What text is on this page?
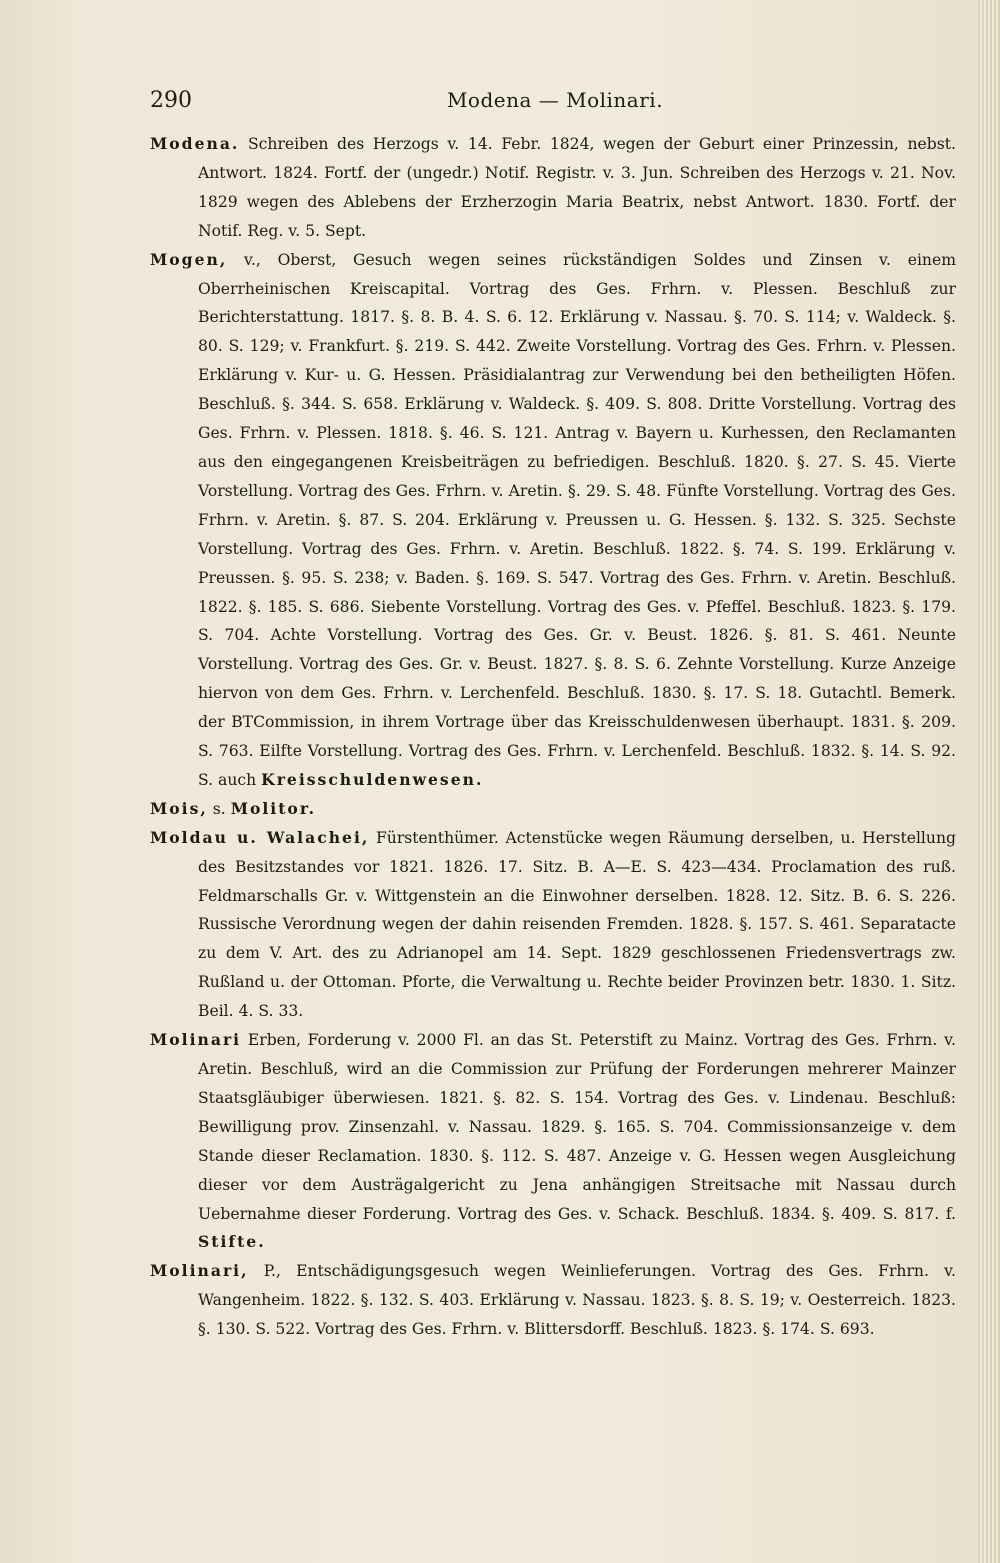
290	Modena — Molinari.

Modena. Schreiben des Herzogs v. 14. Febr. 1824, wegen der Geburt einer Prinzessin, nebst. Antwort. 1824. Fortf. der (ungedr.) Notif. Registr. v. 3. Jun. Schreiben des Herzogs v. 21. Nov. 1829 wegen des Ablebens der Erzherzogin Maria Beatrix, nebst Antwort. 1830. Fortf. der Notif. Reg. v. 5. Sept.

Mogen, v., Oberst, Gesuch wegen seines rückständigen Soldes und Zinsen v. einem Oberrheinischen Kreiscapital. Vortrag des Ges. Frhrn. v. Plessen. Beschluß zur Berichterstattung. 1817. §. 8. B. 4. S. 6. 12. Erklärung v. Nassau. §. 70. S. 114; v. Waldeck. §. 80. S. 129; v. Frankfurt. §. 219. S. 442. Zweite Vorstellung. Vortrag des Ges. Frhrn. v. Plessen. Erklärung v. Kur- u. G. Hessen. Präsidialantrag zur Verwendung bei den betheiligten Höfen. Beschluß. §. 344. S. 658. Erklärung v. Waldeck. §. 409. S. 808. Dritte Vorstellung. Vortrag des Ges. Frhrn. v. Plessen. 1818. §. 46. S. 121. Antrag v. Bayern u. Kurhessen, den Reclamanten aus den eingegangenen Kreisbeiträgen zu befriedigen. Beschluß. 1820. §. 27. S. 45. Vierte Vorstellung. Vortrag des Ges. Frhrn. v. Aretin. §. 29. S. 48. Fünfte Vorstellung. Vortrag des Ges. Frhrn. v. Aretin. §. 87. S. 204. Erklärung v. Preussen u. G. Hessen. §. 132. S. 325. Sechste Vorstellung. Vortrag des Ges. Frhrn. v. Aretin. Beschluß. 1822. §. 74. S. 199. Erklärung v. Preussen. §. 95. S. 238; v. Baden. §. 169. S. 547. Vortrag des Ges. Frhrn. v. Aretin. Beschluß. 1822. §. 185. S. 686. Siebente Vorstellung. Vortrag des Ges. v. Pfeffel. Beschluß. 1823. §. 179. S. 704. Achte Vorstellung. Vortrag des Ges. Gr. v. Beust. 1826. §. 81. S. 461. Neunte Vorstellung. Vortrag des Ges. Gr. v. Beust. 1827. §. 8. S. 6. Zehnte Vorstellung. Kurze Anzeige hiervon von dem Ges. Frhrn. v. Lerchenfeld. Beschluß. 1830. §. 17. S. 18. Gutachtl. Bemerk. der BTCommission, in ihrem Vortrage über das Kreisschuldenwesen überhaupt. 1831. §. 209. S. 763. Eilfte Vorstellung. Vortrag des Ges. Frhrn. v. Lerchenfeld. Beschluß. 1832. §. 14. S. 92. S. auch Kreisschuldenwesen.

Mois, s. Molitor.

Moldau u. Walachei, Fürstenthümer. Actenstücke wegen Räumung derselben, u. Herstellung des Besitzstandes vor 1821. 1826. 17. Sitz. B. A—E. S. 423—434. Proclamation des ruß. Feldmarschalls Gr. v. Wittgenstein an die Einwohner derselben. 1828. 12. Sitz. B. 6. S. 226. Russische Verordnung wegen der dahin reisenden Fremden. 1828. §. 157. S. 461. Separatacte zu dem V. Art. des zu Adrianopel am 14. Sept. 1829 geschlossenen Friedensvertrags zw. Rußland u. der Ottoman. Pforte, die Verwaltung u. Rechte beider Provinzen betr. 1830. 1. Sitz. Beil. 4. S. 33.

Molinari Erben, Forderung v. 2000 Fl. an das St. Peterstift zu Mainz. Vortrag des Ges. Frhrn. v. Aretin. Beschluß, wird an die Commission zur Prüfung der Forderungen mehrerer Mainzer Staatsgläubiger überwiesen. 1821. §. 82. S. 154. Vortrag des Ges. v. Lindenau. Beschluß: Bewilligung prov. Zinsenzahl. v. Nassau. 1829. §. 165. S. 704. Commissionsanzeige v. dem Stande dieser Reclamation. 1830. §. 112. S. 487. Anzeige v. G. Hessen wegen Ausgleichung dieser vor dem Austrägalgericht zu Jena anhängigen Streitsache mit Nassau durch Uebernahme dieser Forderung. Vortrag des Ges. v. Schack. Beschluß. 1834. §. 409. S. 817. f. Stifte.

Molinari, P., Entschädigungsgesuch wegen Weinlieferungen. Vortrag des Ges. Frhrn. v. Wangenheim. 1822. §. 132. S. 403. Erklärung v. Nassau. 1823. §. 8. S. 19; v. Oesterreich. 1823. §. 130. S. 522. Vortrag des Ges. Frhrn. v. Blittersdorff. Beschluß. 1823. §. 174. S. 693.
